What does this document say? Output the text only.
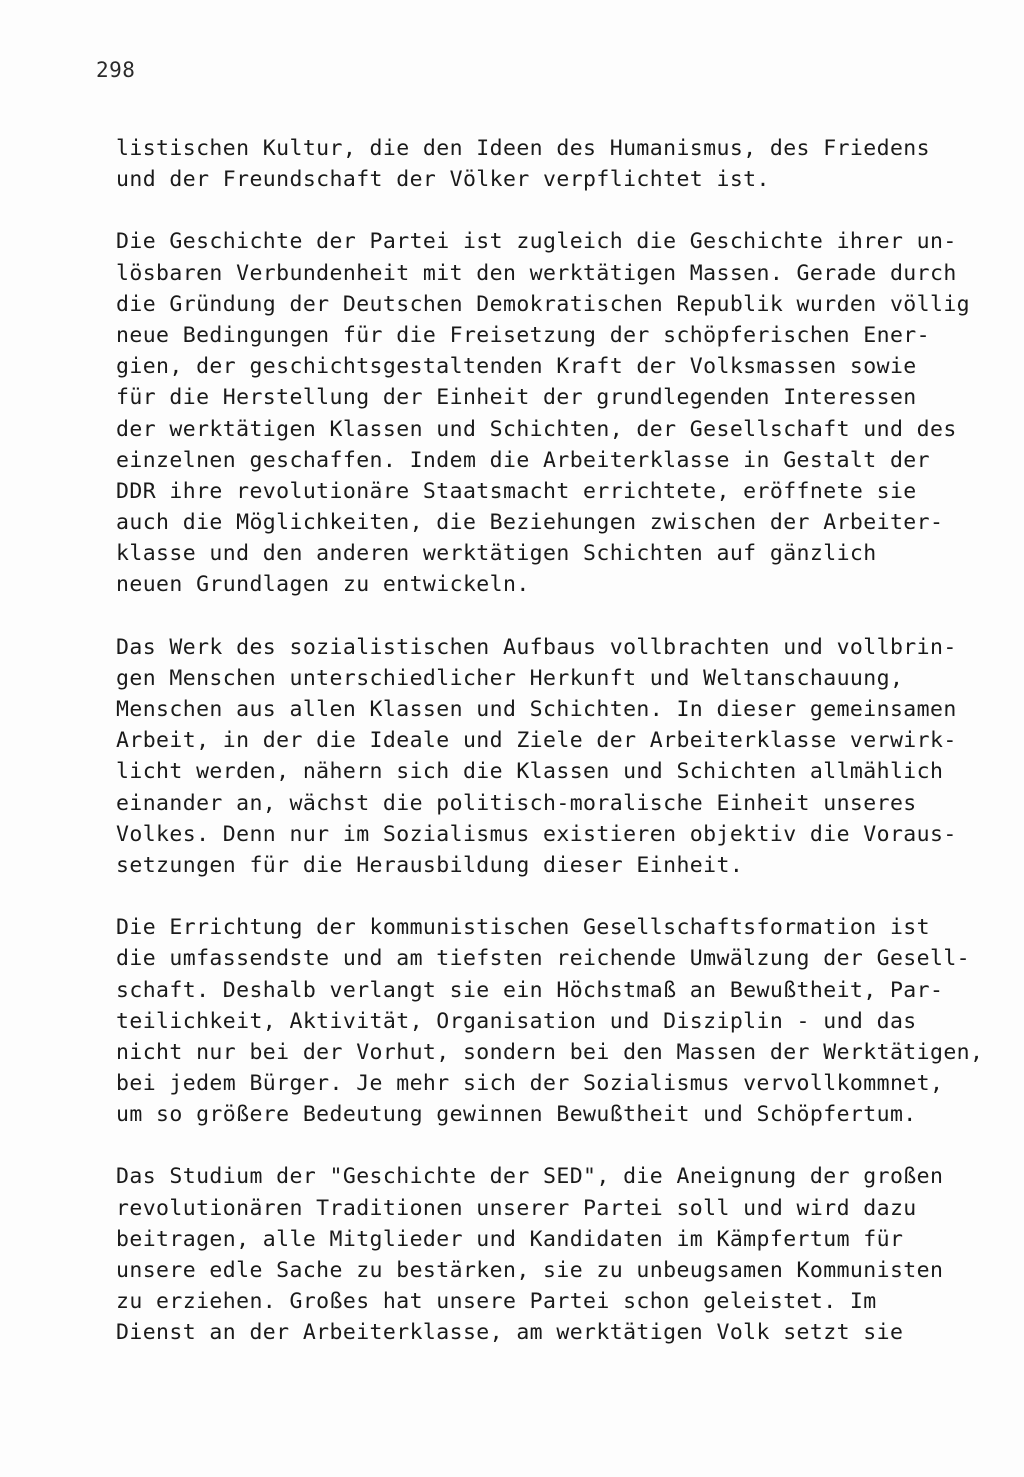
298
listischen Kultur, die den Ideen des Humanismus, des Friedens
und der Freundschaft der Völker verpflichtet ist.
Die Geschichte der Partei ist zugleich die Geschichte ihrer un-
lösbaren Verbundenheit mit den werktätigen Massen. Gerade durch
die Gründung der Deutschen Demokratischen Republik wurden völlig
neue Bedingungen für die Freisetzung der schöpferischen Ener-
gien, der geschichtsgestaltenden Kraft der Volksmassen sowie
für die Herstellung der Einheit der grundlegenden Interessen
der werktätigen Klassen und Schichten, der Gesellschaft und des
einzelnen geschaffen. Indem die Arbeiterklasse in Gestalt der
DDR ihre revolutionäre Staatsmacht errichtete, eröffnete sie
auch die Möglichkeiten, die Beziehungen zwischen der Arbeiter-
klasse und den anderen werktätigen Schichten auf gänzlich
neuen Grundlagen zu entwickeln.
Das Werk des sozialistischen Aufbaus vollbrachten und vollbrin-
gen Menschen unterschiedlicher Herkunft und Weltanschauung,
Menschen aus allen Klassen und Schichten. In dieser gemeinsamen
Arbeit, in der die Ideale und Ziele der Arbeiterklasse verwirk-
licht werden, nähern sich die Klassen und Schichten allmählich
einander an, wächst die politisch-moralische Einheit unseres
Volkes. Denn nur im Sozialismus existieren objektiv die Voraus-
setzungen für die Herausbildung dieser Einheit.
Die Errichtung der kommunistischen Gesellschaftsformation ist
die umfassendste und am tiefsten reichende Umwälzung der Gesell-
schaft. Deshalb verlangt sie ein Höchstmaß an Bewußtheit, Par-
teilichkeit, Aktivität, Organisation und Disziplin - und das
nicht nur bei der Vorhut, sondern bei den Massen der Werktätigen,
bei jedem Bürger. Je mehr sich der Sozialismus vervollkommnet,
um so größere Bedeutung gewinnen Bewußtheit und Schöpfertum.
Das Studium der "Geschichte der SED", die Aneignung der großen
revolutionären Traditionen unserer Partei soll und wird dazu
beitragen, alle Mitglieder und Kandidaten im Kämpfertum für
unsere edle Sache zu bestärken, sie zu unbeugsamen Kommunisten
zu erziehen. Großes hat unsere Partei schon geleistet. Im
Dienst an der Arbeiterklasse, am werktätigen Volk setzt sie
